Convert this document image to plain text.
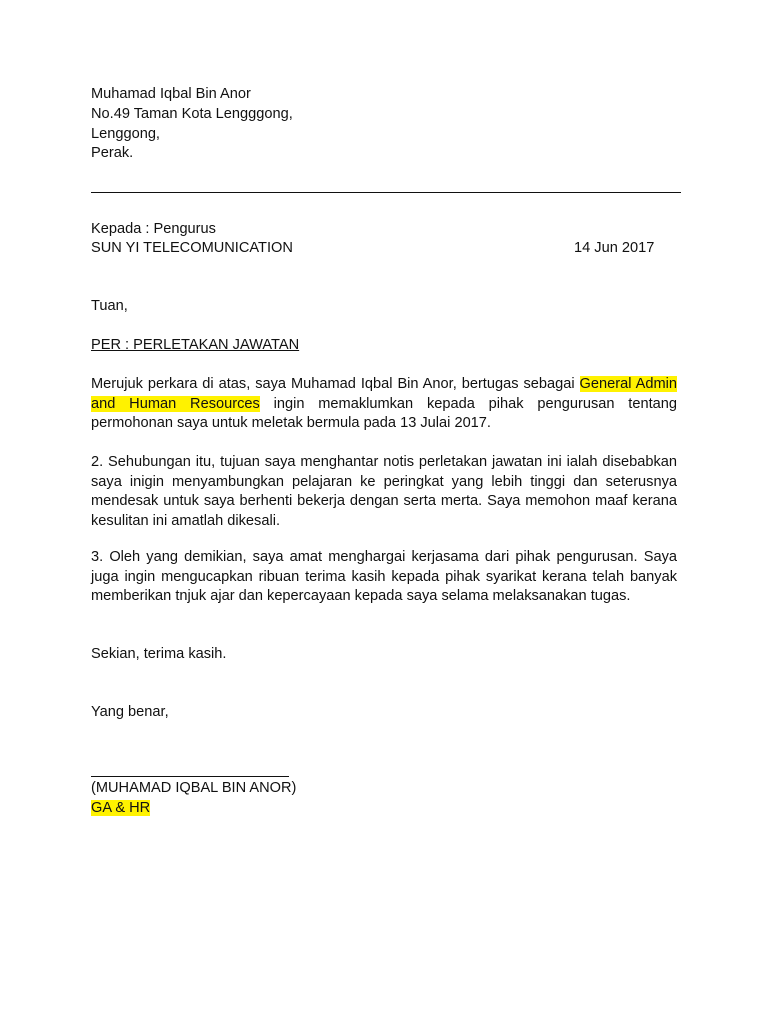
Muhamad Iqbal Bin Anor
No.49 Taman Kota Lengggong,
Lenggong,
Perak.
Kepada : Pengurus
SUN YI TELECOMUNICATION	14 Jun 2017
Tuan,
PER : PERLETAKAN JAWATAN
Merujuk perkara di atas, saya Muhamad Iqbal Bin Anor, bertugas sebagai General Admin and Human Resources ingin memaklumkan kepada pihak pengurusan tentang permohonan saya untuk meletak bermula pada 13 Julai 2017.
2. Sehubungan itu, tujuan saya menghantar notis perletakan jawatan ini ialah disebabkan saya inigin menyambungkan pelajaran ke peringkat yang lebih tinggi dan seterusnya mendesak untuk saya berhenti bekerja dengan serta merta. Saya memohon maaf kerana kesulitan ini amatlah dikesali.
3. Oleh yang demikian, saya amat menghargai kerjasama dari pihak pengurusan. Saya juga ingin mengucapkan ribuan terima kasih kepada pihak syarikat kerana telah banyak memberikan tnjuk ajar dan kepercayaan kepada saya selama melaksanakan tugas.
Sekian, terima kasih.
Yang benar,
(MUHAMAD IQBAL BIN ANOR)
GA & HR
